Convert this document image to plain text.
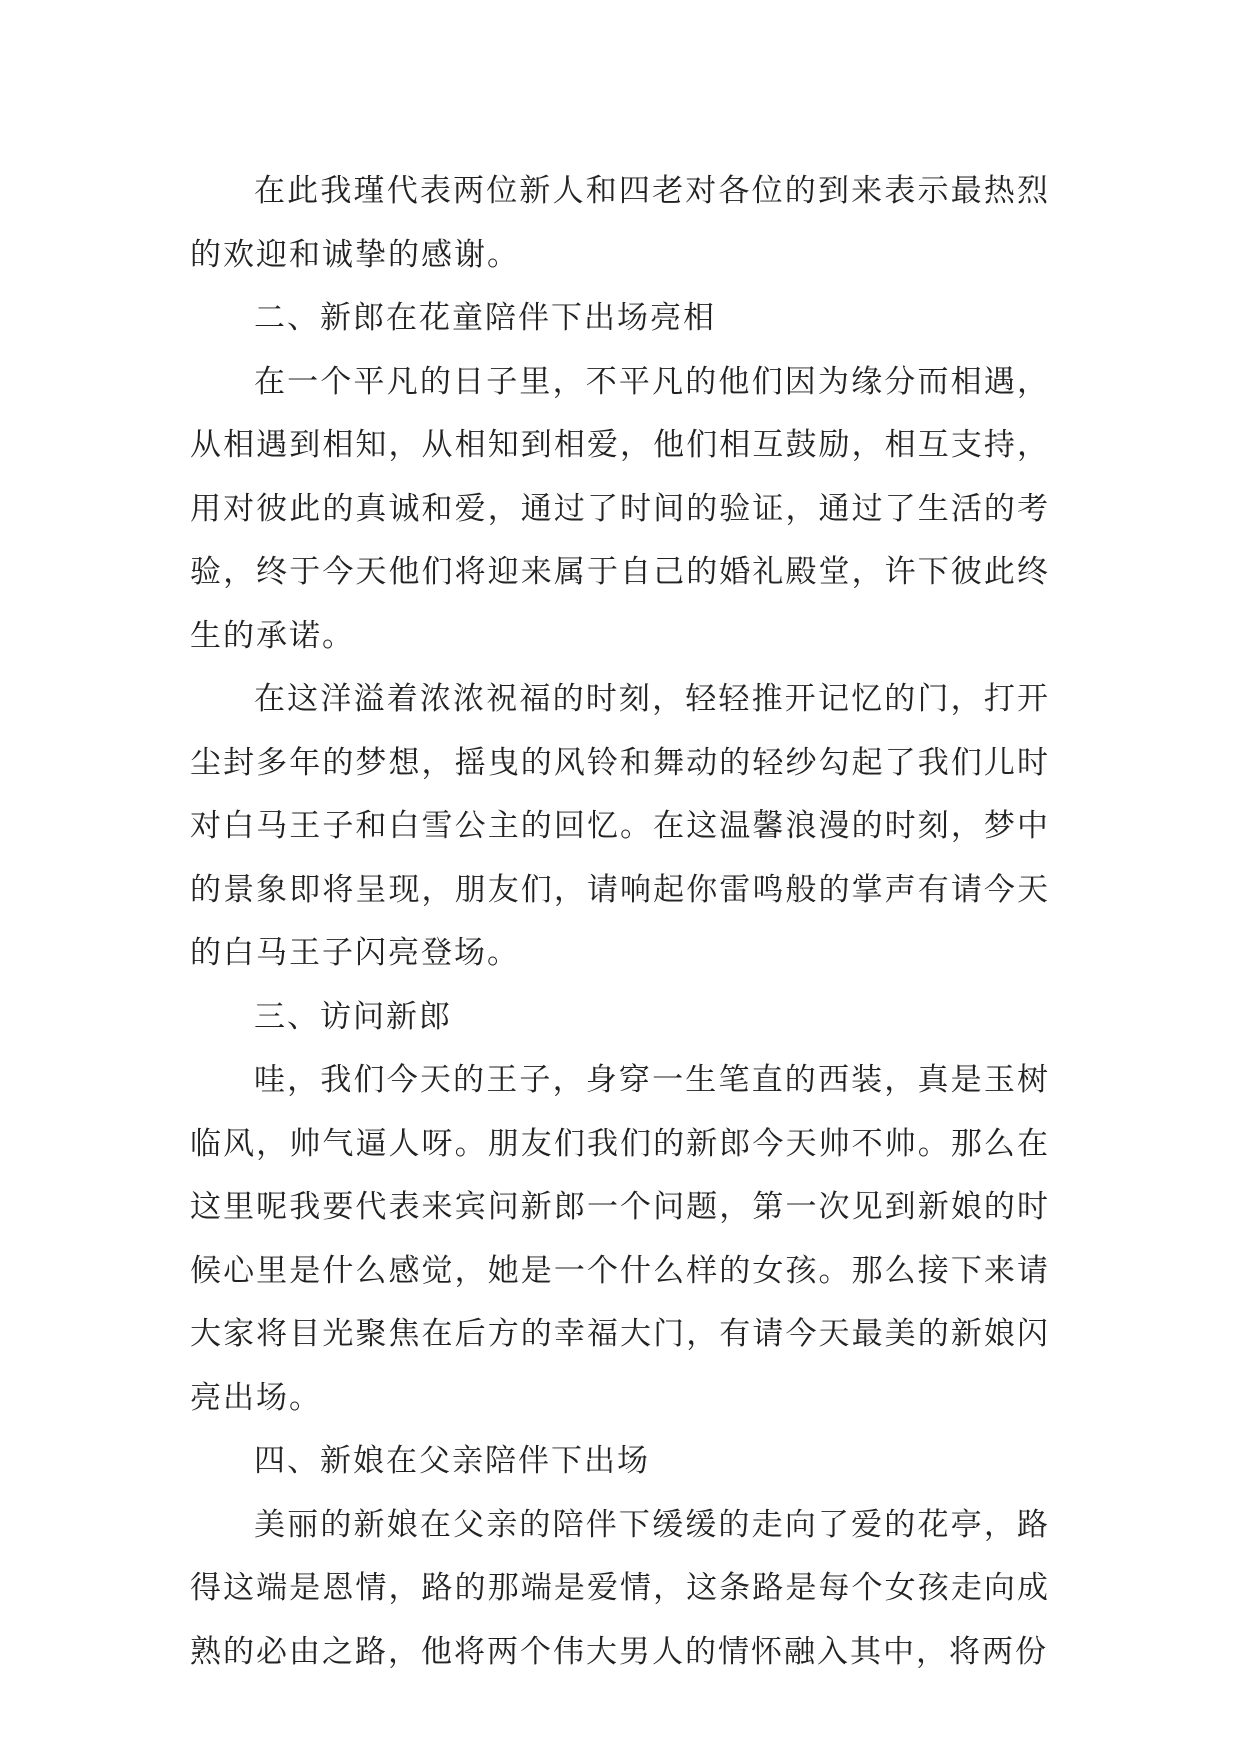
在此我瑾代表两位新人和四老对各位的到来表示最热烈的欢迎和诚挚的感谢。

二、新郎在花童陪伴下出场亮相

在一个平凡的日子里，不平凡的他们因为缘分而相遇，从相遇到相知，从相知到相爱，他们相互鼓励，相互支持，用对彼此的真诚和爱，通过了时间的验证，通过了生活的考验，终于今天他们将迎来属于自己的婚礼殿堂，许下彼此终生的承诺。

在这洋溢着浓浓祝福的时刻，轻轻推开记忆的门，打开尘封多年的梦想，摇曳的风铃和舞动的轻纱勾起了我们儿时对白马王子和白雪公主的回忆。在这温馨浪漫的时刻，梦中的景象即将呈现，朋友们，请响起你雷鸣般的掌声有请今天的白马王子闪亮登场。

三、访问新郎

哇，我们今天的王子，身穿一生笔直的西装，真是玉树临风，帅气逼人呀。朋友们我们的新郎今天帅不帅。那么在这里呢我要代表来宾问新郎一个问题，第一次见到新娘的时候心里是什么感觉，她是一个什么样的女孩。那么接下来请大家将目光聚焦在后方的幸福大门，有请今天最美的新娘闪亮出场。

四、新娘在父亲陪伴下出场

美丽的新娘在父亲的陪伴下缓缓的走向了爱的花亭，路得这端是恩情，路的那端是爱情，这条路是每个女孩走向成熟的必由之路，他将两个伟大男人的情怀融入其中，将两份
